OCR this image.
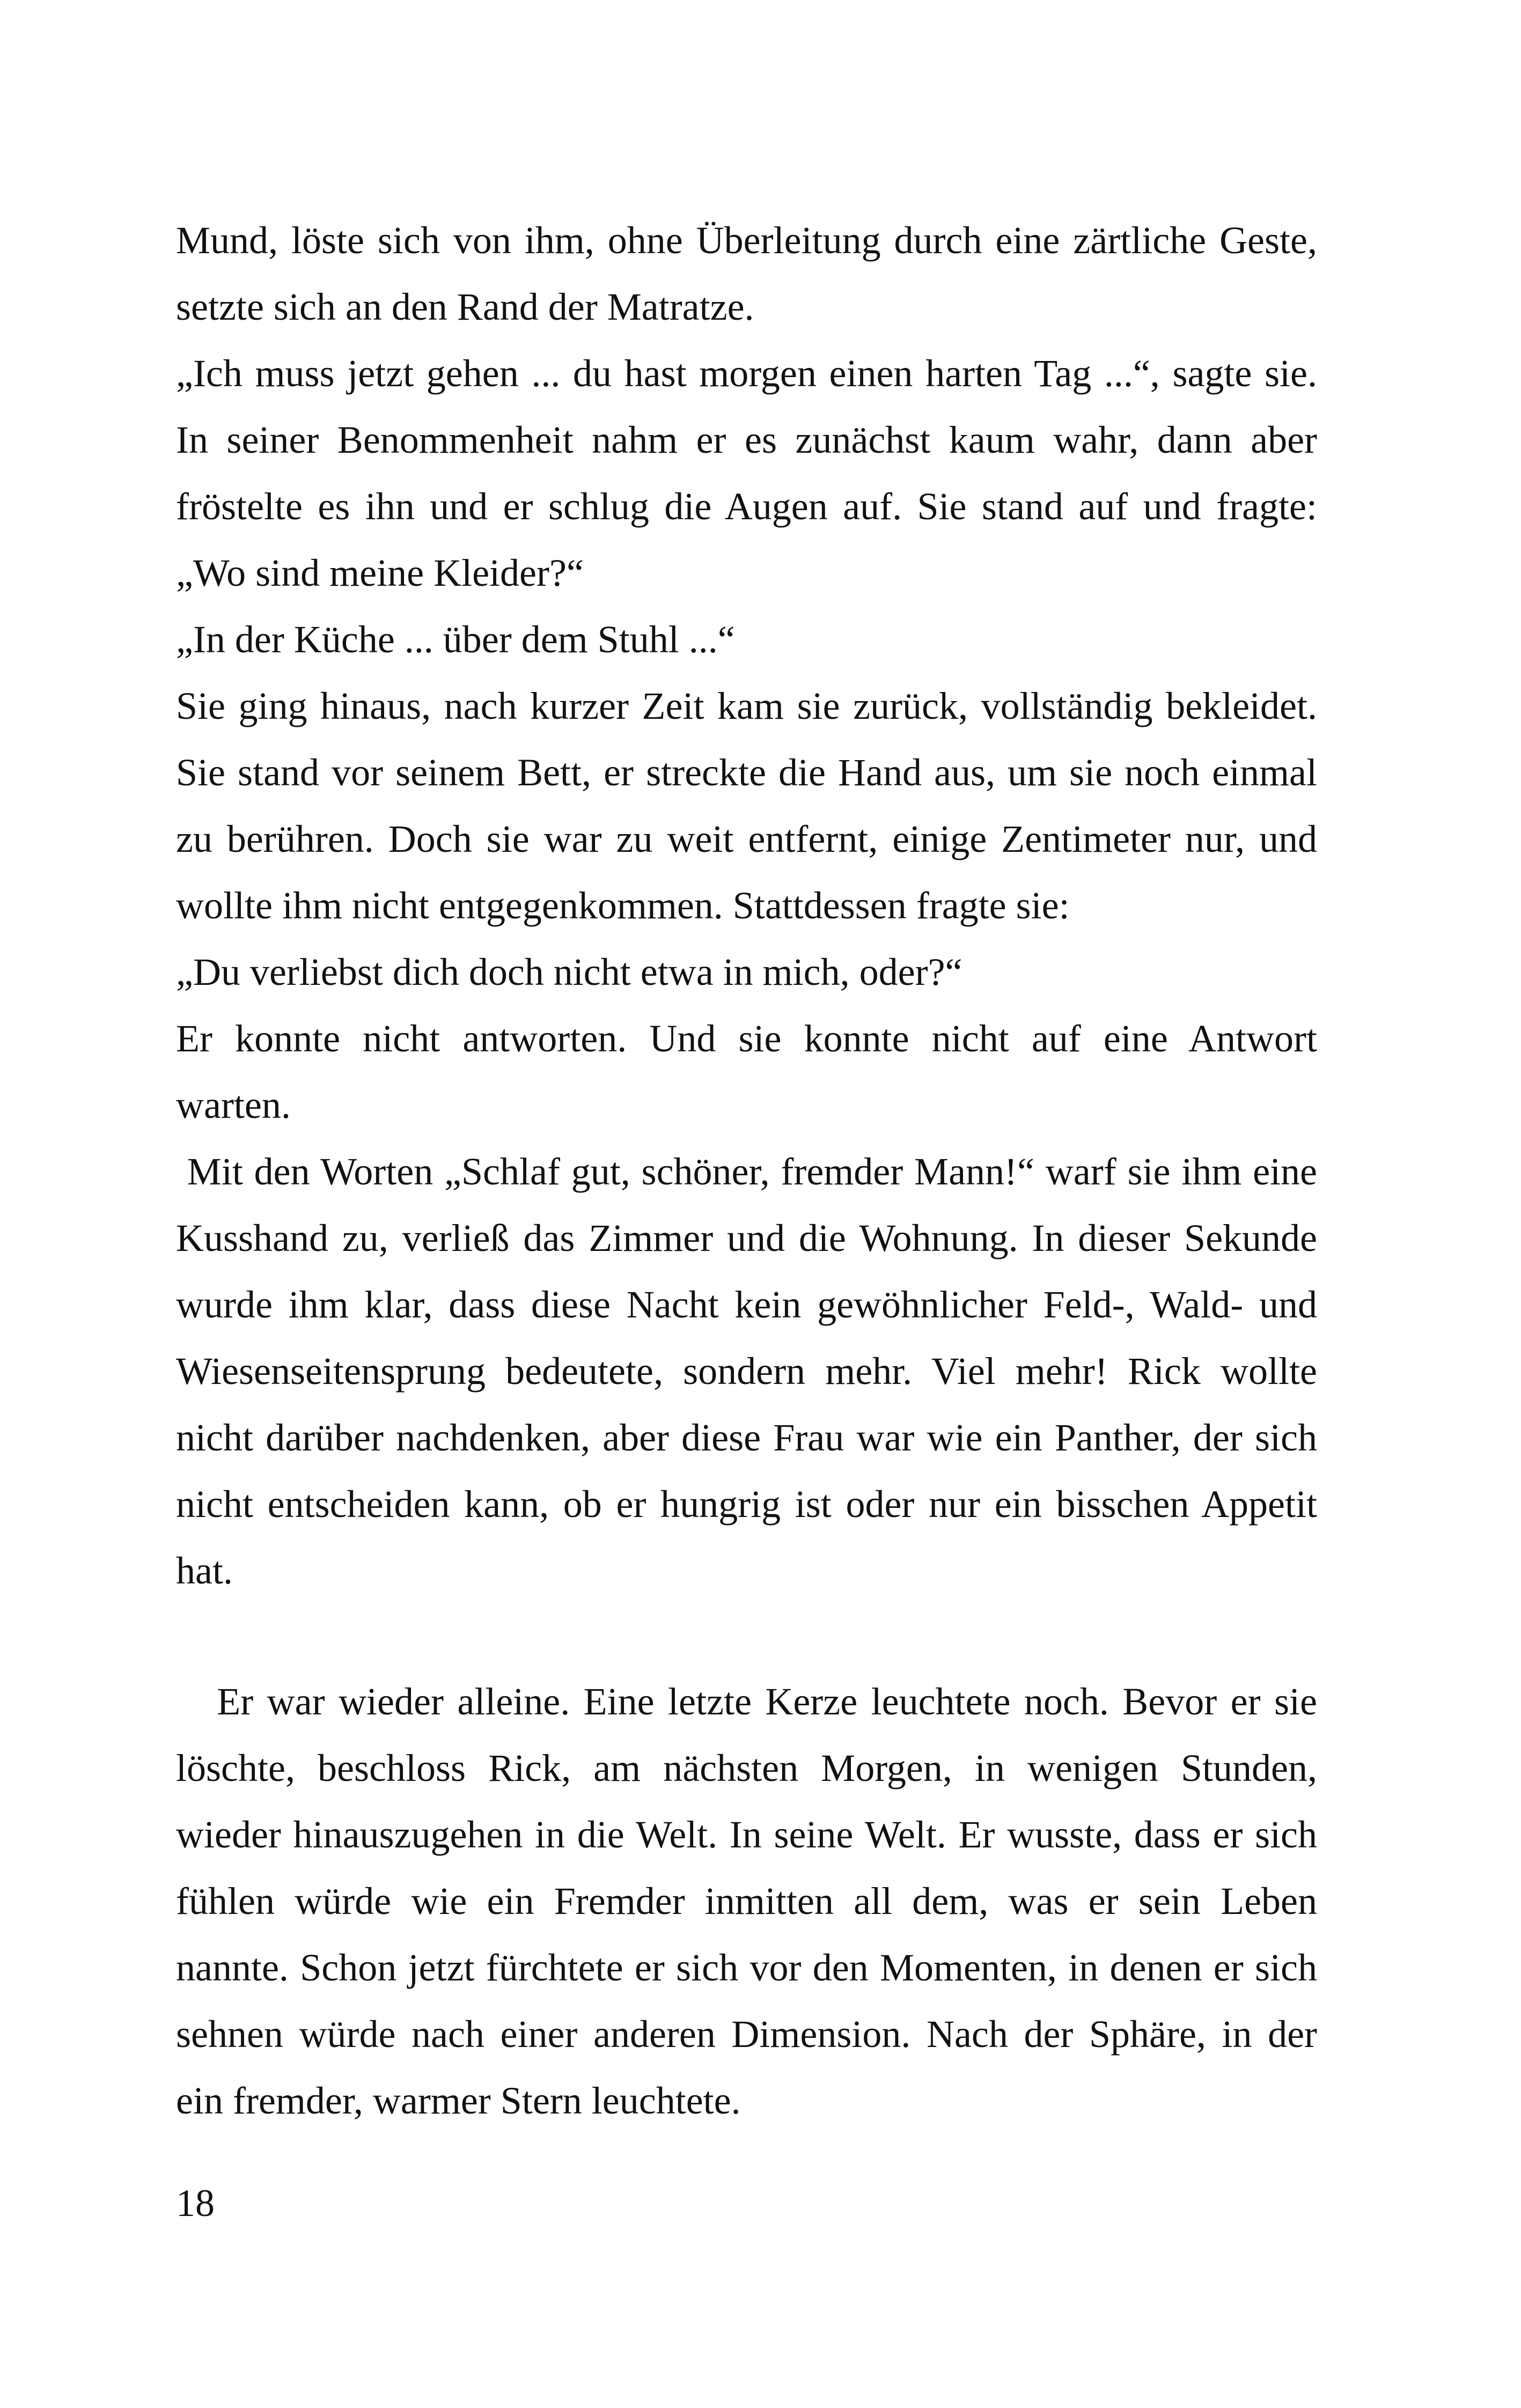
Mund, löste sich von ihm, ohne Überleitung durch eine zärtliche Geste,
setzte sich an den Rand der Matratze.
„Ich muss jetzt gehen ... du hast morgen einen harten Tag ...“, sagte sie.
In seiner Benommenheit nahm er es zunächst kaum wahr, dann aber
fröstelte es ihn und er schlug die Augen auf. Sie stand auf und fragte:
„Wo sind meine Kleider?“
„In der Küche ... über dem Stuhl ...“
Sie ging hinaus, nach kurzer Zeit kam sie zurück, vollständig bekleidet.
Sie stand vor seinem Bett, er streckte die Hand aus, um sie noch einmal
zu berühren. Doch sie war zu weit entfernt, einige Zentimeter nur, und
wollte ihm nicht entgegenkommen. Stattdessen fragte sie:
„Du verliebst dich doch nicht etwa in mich, oder?“
Er konnte nicht antworten. Und sie konnte nicht auf eine Antwort
warten.
Mit den Worten „Schlaf gut, schöner, fremder Mann!“ warf sie ihm eine
Kusshand zu, verließ das Zimmer und die Wohnung. In dieser Sekunde
wurde ihm klar, dass diese Nacht kein gewöhnlicher Feld-, Wald- und
Wiesenseitensprung bedeutete, sondern mehr. Viel mehr! Rick wollte
nicht darüber nachdenken, aber diese Frau war wie ein Panther, der sich
nicht entscheiden kann, ob er hungrig ist oder nur ein bisschen Appetit
hat.
Er war wieder alleine. Eine letzte Kerze leuchtete noch. Bevor er sie
löschte, beschloss Rick, am nächsten Morgen, in wenigen Stunden,
wieder hinauszugehen in die Welt. In seine Welt. Er wusste, dass er sich
fühlen würde wie ein Fremder inmitten all dem, was er sein Leben
nannte. Schon jetzt fürchtete er sich vor den Momenten, in denen er sich
sehnen würde nach einer anderen Dimension. Nach der Sphäre, in der
ein fremder, warmer Stern leuchtete.
18
